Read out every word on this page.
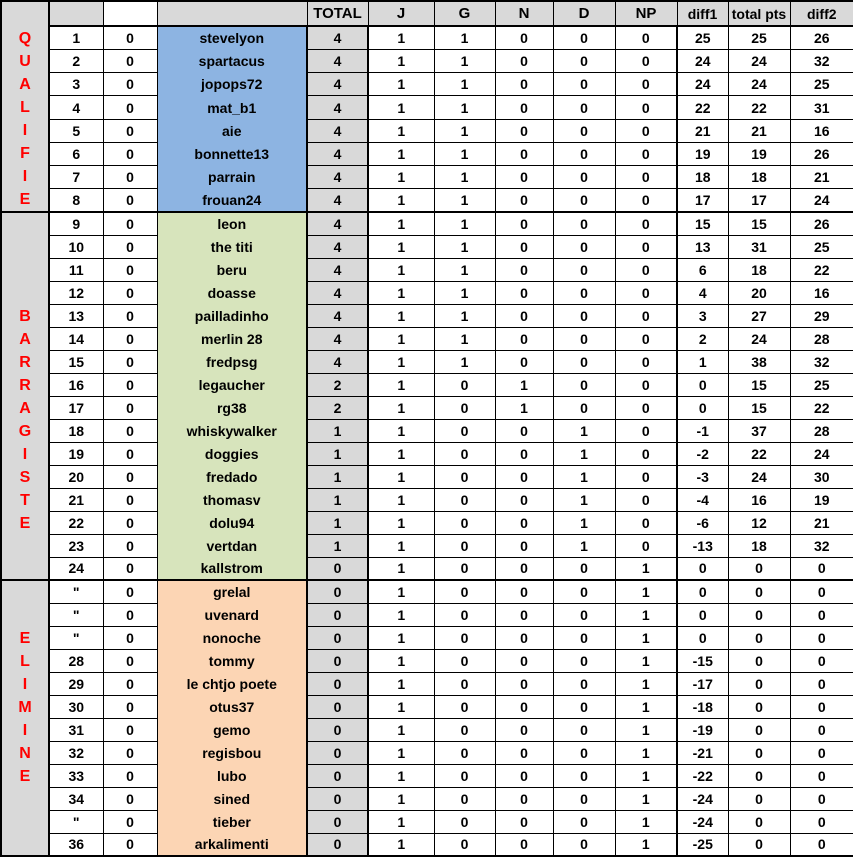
Q
U
A
L
I
F
I
E
				TOTAL	J	G	N	D	NP	diff1	total pts	diff2
	1	0	stevelyon	4	1	1	0	0	0	25	25	26
	2	0	spartacus	4	1	1	0	0	0	24	24	32
	3	0	jopops72	4	1	1	0	0	0	24	24	25
	4	0	mat_b1	4	1	1	0	0	0	22	22	31
	5	0	aie	4	1	1	0	0	0	21	21	16
	6	0	bonnette13	4	1	1	0	0	0	19	19	26
	7	0	parrain	4	1	1	0	0	0	18	18	21
	8	0	frouan24	4	1	1	0	0	0	17	17	24

B
A
R
R
A
G
I
S
T
E
	9	0	leon	4	1	1	0	0	0	15	15	26
	10	0	the titi	4	1	1	0	0	0	13	31	25
	11	0	beru	4	1	1	0	0	0	6	18	22
	12	0	doasse	4	1	1	0	0	0	4	20	16
	13	0	pailladinho	4	1	1	0	0	0	3	27	29
	14	0	merlin 28	4	1	1	0	0	0	2	24	28
	15	0	fredpsg	4	1	1	0	0	0	1	38	32
	16	0	legaucher	2	1	0	1	0	0	0	15	25
	17	0	rg38	2	1	0	1	0	0	0	15	22
	18	0	whiskywalker	1	1	0	0	1	0	-1	37	28
	19	0	doggies	1	1	0	0	1	0	-2	22	24
	20	0	fredado	1	1	0	0	1	0	-3	24	30
	21	0	thomasv	1	1	0	0	1	0	-4	16	19
	22	0	dolu94	1	1	0	0	1	0	-6	12	21
	23	0	vertdan	1	1	0	0	1	0	-13	18	32
	24	0	kallstrom	0	1	0	0	0	1	0	0	0

E
L
I
M
I
N
E
	"	0	grelal	0	1	0	0	0	1	0	0	0
	"	0	uvenard	0	1	0	0	0	1	0	0	0
	"	0	nonoche	0	1	0	0	0	1	0	0	0
	28	0	tommy	0	1	0	0	0	1	-15	0	0
	29	0	le chtjo poete	0	1	0	0	0	1	-17	0	0
	30	0	otus37	0	1	0	0	0	1	-18	0	0
	31	0	gemo	0	1	0	0	0	1	-19	0	0
	32	0	regisbou	0	1	0	0	0	1	-21	0	0
	33	0	lubo	0	1	0	0	0	1	-22	0	0
	34	0	sined	0	1	0	0	0	1	-24	0	0
	"	0	tieber	0	1	0	0	0	1	-24	0	0
	36	0	arkalimenti	0	1	0	0	0	1	-25	0	0
